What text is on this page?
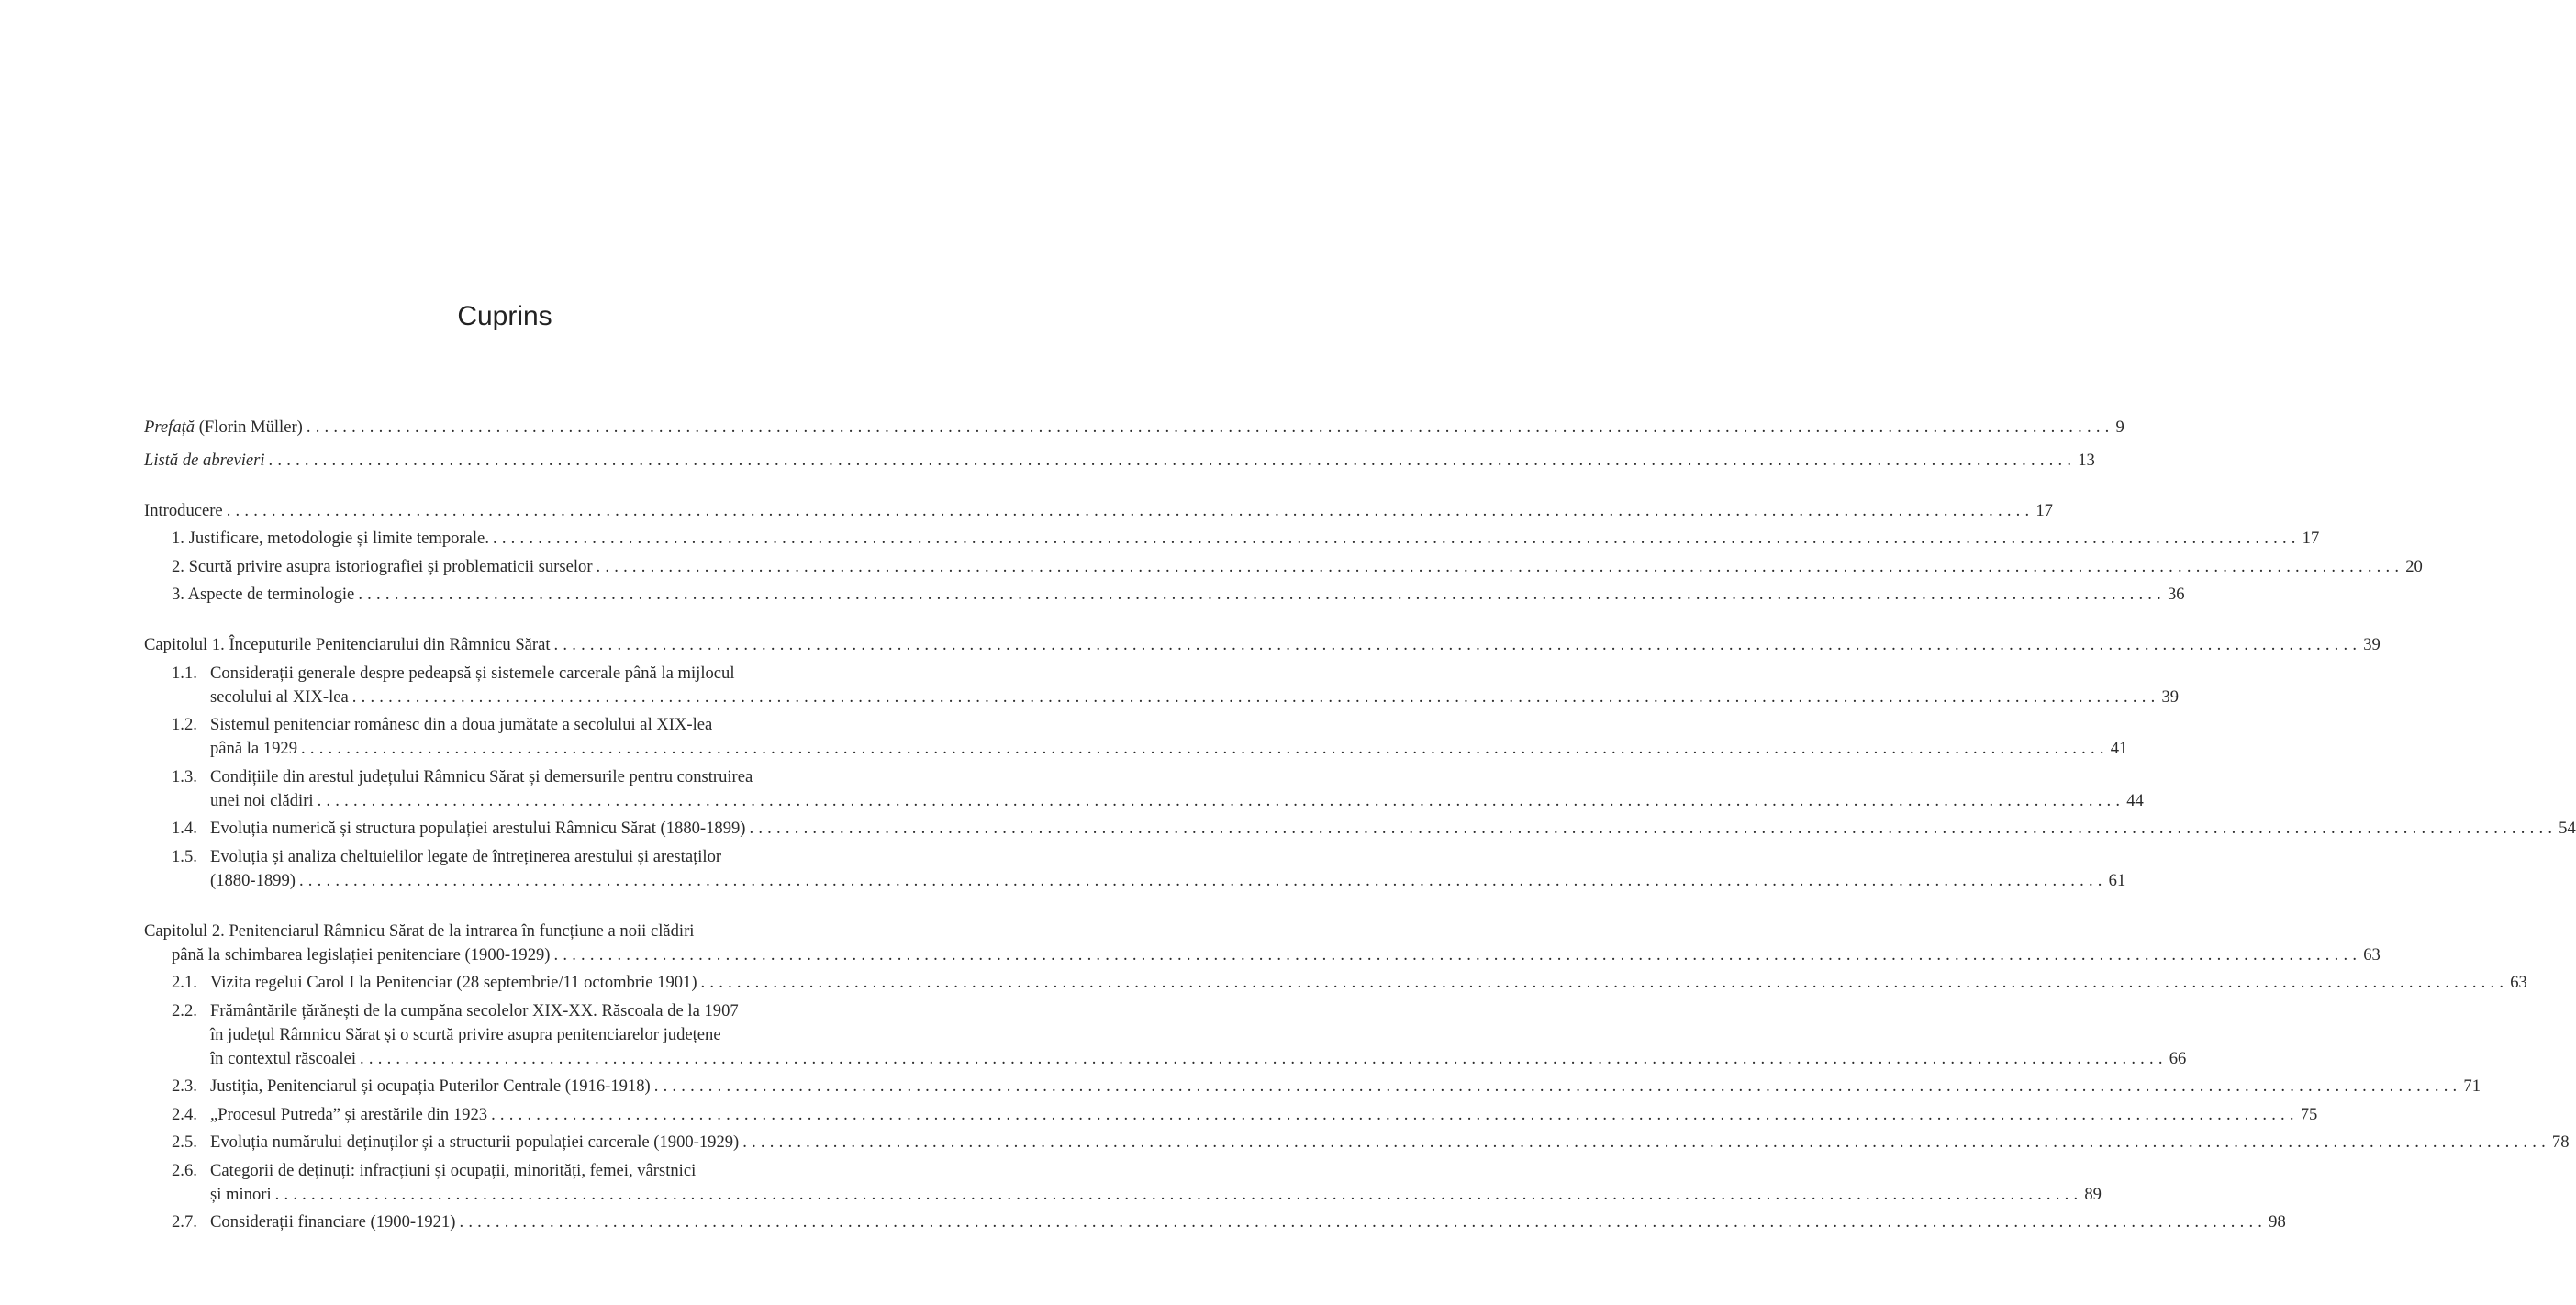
Cuprins
Prefață (Florin Müller) ........................................................................................................................................................................................................ 9
Listă de abrevieri ........................................................................................................................................................................................................ 13
Introducere ........................................................................................................................................................................................................ 17
1. Justificare, metodologie și limite temporale. ........................................................................................................................................................................................................ 17
2. Scurtă privire asupra istoriografiei și problematicii surselor ........................................................................................................................................................................................................ 20
3. Aspecte de terminologie ........................................................................................................................................................................................................ 36
Capitolul 1. Începuturile Penitenciarului din Râmnicu Sărat ........................................................................................................................................................................................................ 39
1.1. Considerații generale despre pedeapsă și sistemele carcerale până la mijlocul
secolului al XIX-lea ........................................................................................................................................................................................................ 39
1.2. Sistemul penitenciar românesc din a doua jumătate a secolului al XIX-lea
până la 1929 ........................................................................................................................................................................................................ 41
1.3. Condițiile din arestul județului Râmnicu Sărat și demersurile pentru construirea
unei noi clădiri ........................................................................................................................................................................................................ 44
1.4. Evoluția numerică și structura populației arestului Râmnicu Sărat (1880-1899) ........................................................................................................................................................................................................ 54
1.5. Evoluția și analiza cheltuielilor legate de întreținerea arestului și arestaților
(1880-1899) ........................................................................................................................................................................................................ 61
Capitolul 2. Penitenciarul Râmnicu Sărat de la intrarea în funcțiune a noii clădiri
până la schimbarea legislației penitenciare (1900-1929) ........................................................................................................................................................................................................ 63
2.1. Vizita regelui Carol I la Penitenciar (28 septembrie/11 octombrie 1901) ........................................................................................................................................................................................................ 63
2.2. Frământările țărănești de la cumpăna secolelor XIX-XX. Răscoala de la 1907
în județul Râmnicu Sărat și o scurtă privire asupra penitenciarelor județene
în contextul răscoalei ........................................................................................................................................................................................................ 66
2.3. Justiția, Penitenciarul și ocupația Puterilor Centrale (1916-1918) ........................................................................................................................................................................................................ 71
2.4. „Procesul Putreda” și arestările din 1923 ........................................................................................................................................................................................................ 75
2.5. Evoluția numărului deținuților și a structurii populației carcerale (1900-1929) ........................................................................................................................................................................................................ 78
2.6. Categorii de deținuți: infracțiuni și ocupații, minorități, femei, vârstnici
și minori ........................................................................................................................................................................................................ 89
2.7. Considerații financiare (1900-1921) ........................................................................................................................................................................................................ 98
